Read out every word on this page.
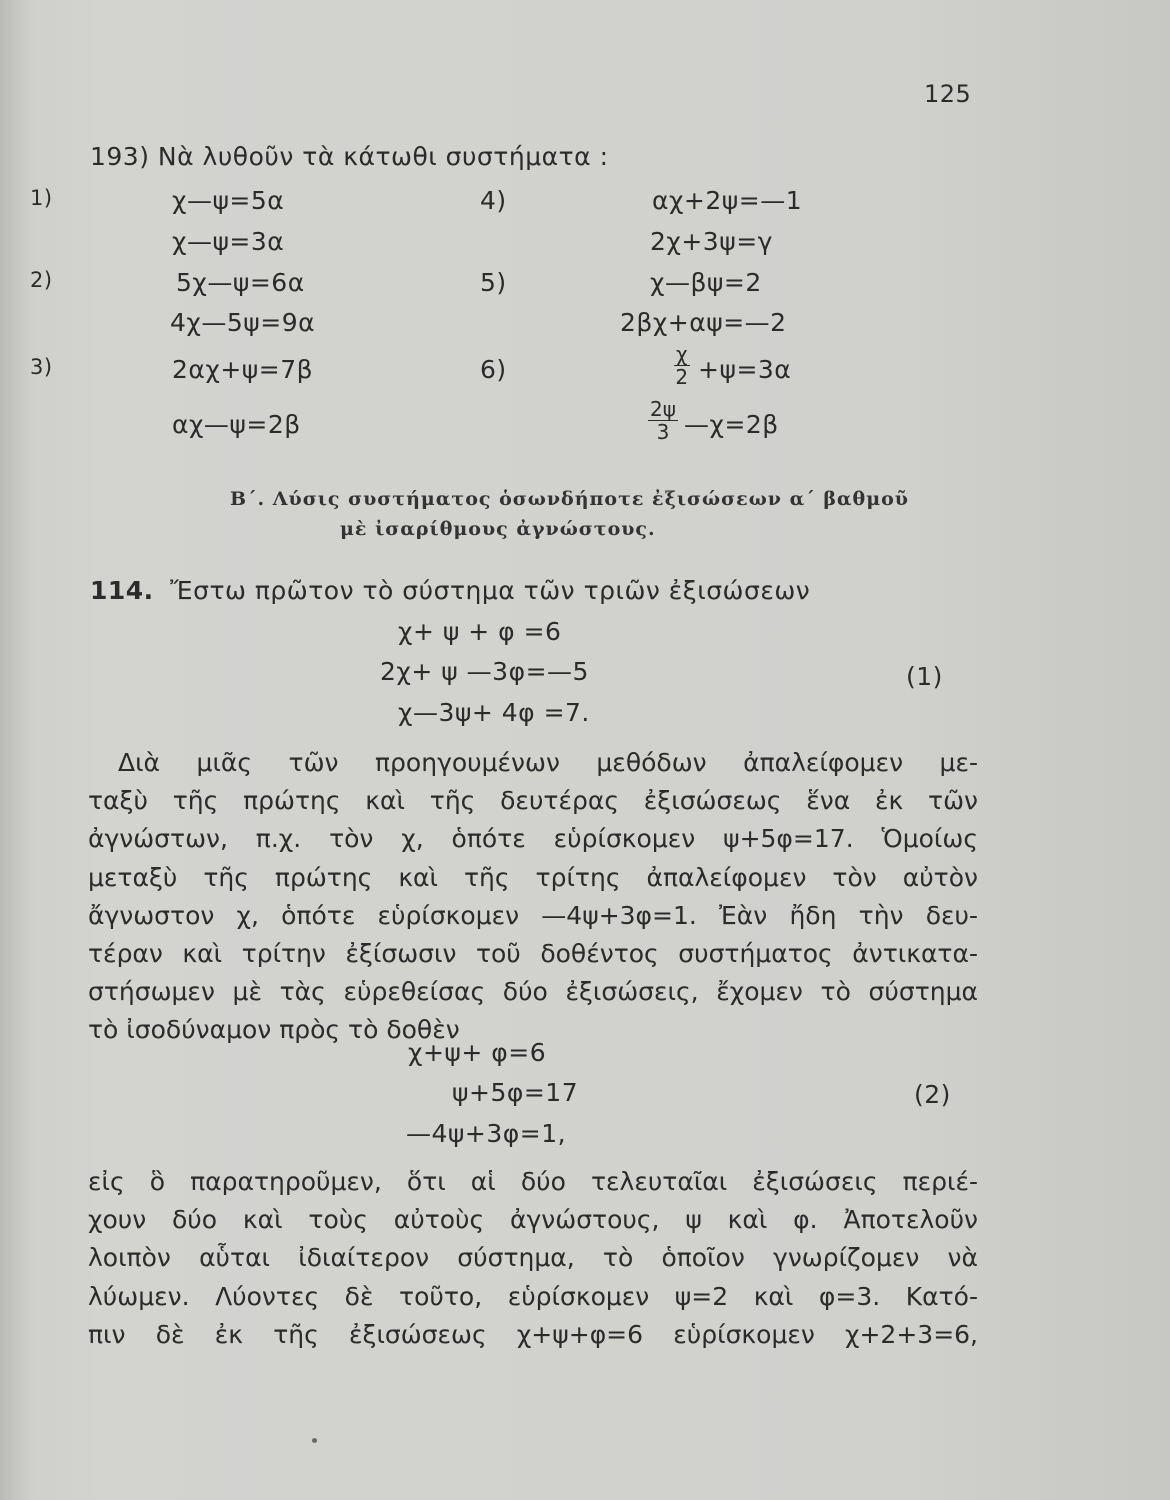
125
193) Νὰ λυθοῦν τὰ κάτωθι συστήματα :
1)	χ—ψ=5α
χ—ψ=3α
2)	5χ—ψ=6α
4χ—5ψ=9α
3)	2αχ+ψ=7β
αχ—ψ=2β
4)	αχ+2ψ=—1
2χ+3ψ=γ
5)	χ—βψ=2
2βχ+αψ=—2
6)	$\frac{\chi}{2} +\psi=3\alpha$
$\frac{2\psi}{3}$ —χ=2β
Β΄. Λύσις συστήματος ὁσωνδήποτε ἐξισώσεων α΄ βαθμοῦ
μὲ ἰσαρίθμους ἀγνώστους.
114. Ἔστω πρῶτον τὸ σύστημα τῶν τριῶν ἐξισώσεων
χ+ ψ + φ =6
2χ+ ψ —3φ=—5
χ—3ψ+ 4φ =7.
(1)
Διὰ μιᾶς τῶν προηγουμένων μεθόδων ἀπαλείφομεν με-
ταξὺ τῆς πρώτης καὶ τῆς δευτέρας ἐξισώσεως ἕνα ἐκ τῶν
ἀγνώστων, π.χ. τὸν χ, ὁπότε εὑρίσκομεν ψ+5φ=17. Ὁμοίως
μεταξὺ τῆς πρώτης καὶ τῆς τρίτης ἀπαλείφομεν τὸν αὐτὸν
ἄγνωστον χ, ὁπότε εὑρίσκομεν —4ψ+3φ=1. Ἐὰν ἤδη τὴν δευ-
τέραν καὶ τρίτην ἐξίσωσιν τοῦ δοθέντος συστήματος ἀντικατα-
στήσωμεν μὲ τὰς εὑρεθείσας δύο ἐξισώσεις, ἔχομεν τὸ σύστημα
τὸ ἰσοδύναμον πρὸς τὸ δοθὲν
χ+ψ+ φ=6
ψ+5φ=17
—4ψ+3φ=1,
(2)
εἰς ὃ παρατηροῦμεν, ὅτι αἱ δύο τελευταῖαι ἐξισώσεις περιέ-
χουν δύο καὶ τοὺς αὐτοὺς ἀγνώστους, ψ καὶ φ. Ἀποτελοῦν
λοιπὸν αὗται ἰδιαίτερον σύστημα, τὸ ὁποῖον γνωρίζομεν νὰ
λύωμεν. Λύοντες δὲ τοῦτο, εὑρίσκομεν ψ=2 καὶ φ=3. Κατό-
πιν δὲ ἐκ τῆς ἐξισώσεως χ+ψ+φ=6 εὑρίσκομεν χ+2+3=6,
